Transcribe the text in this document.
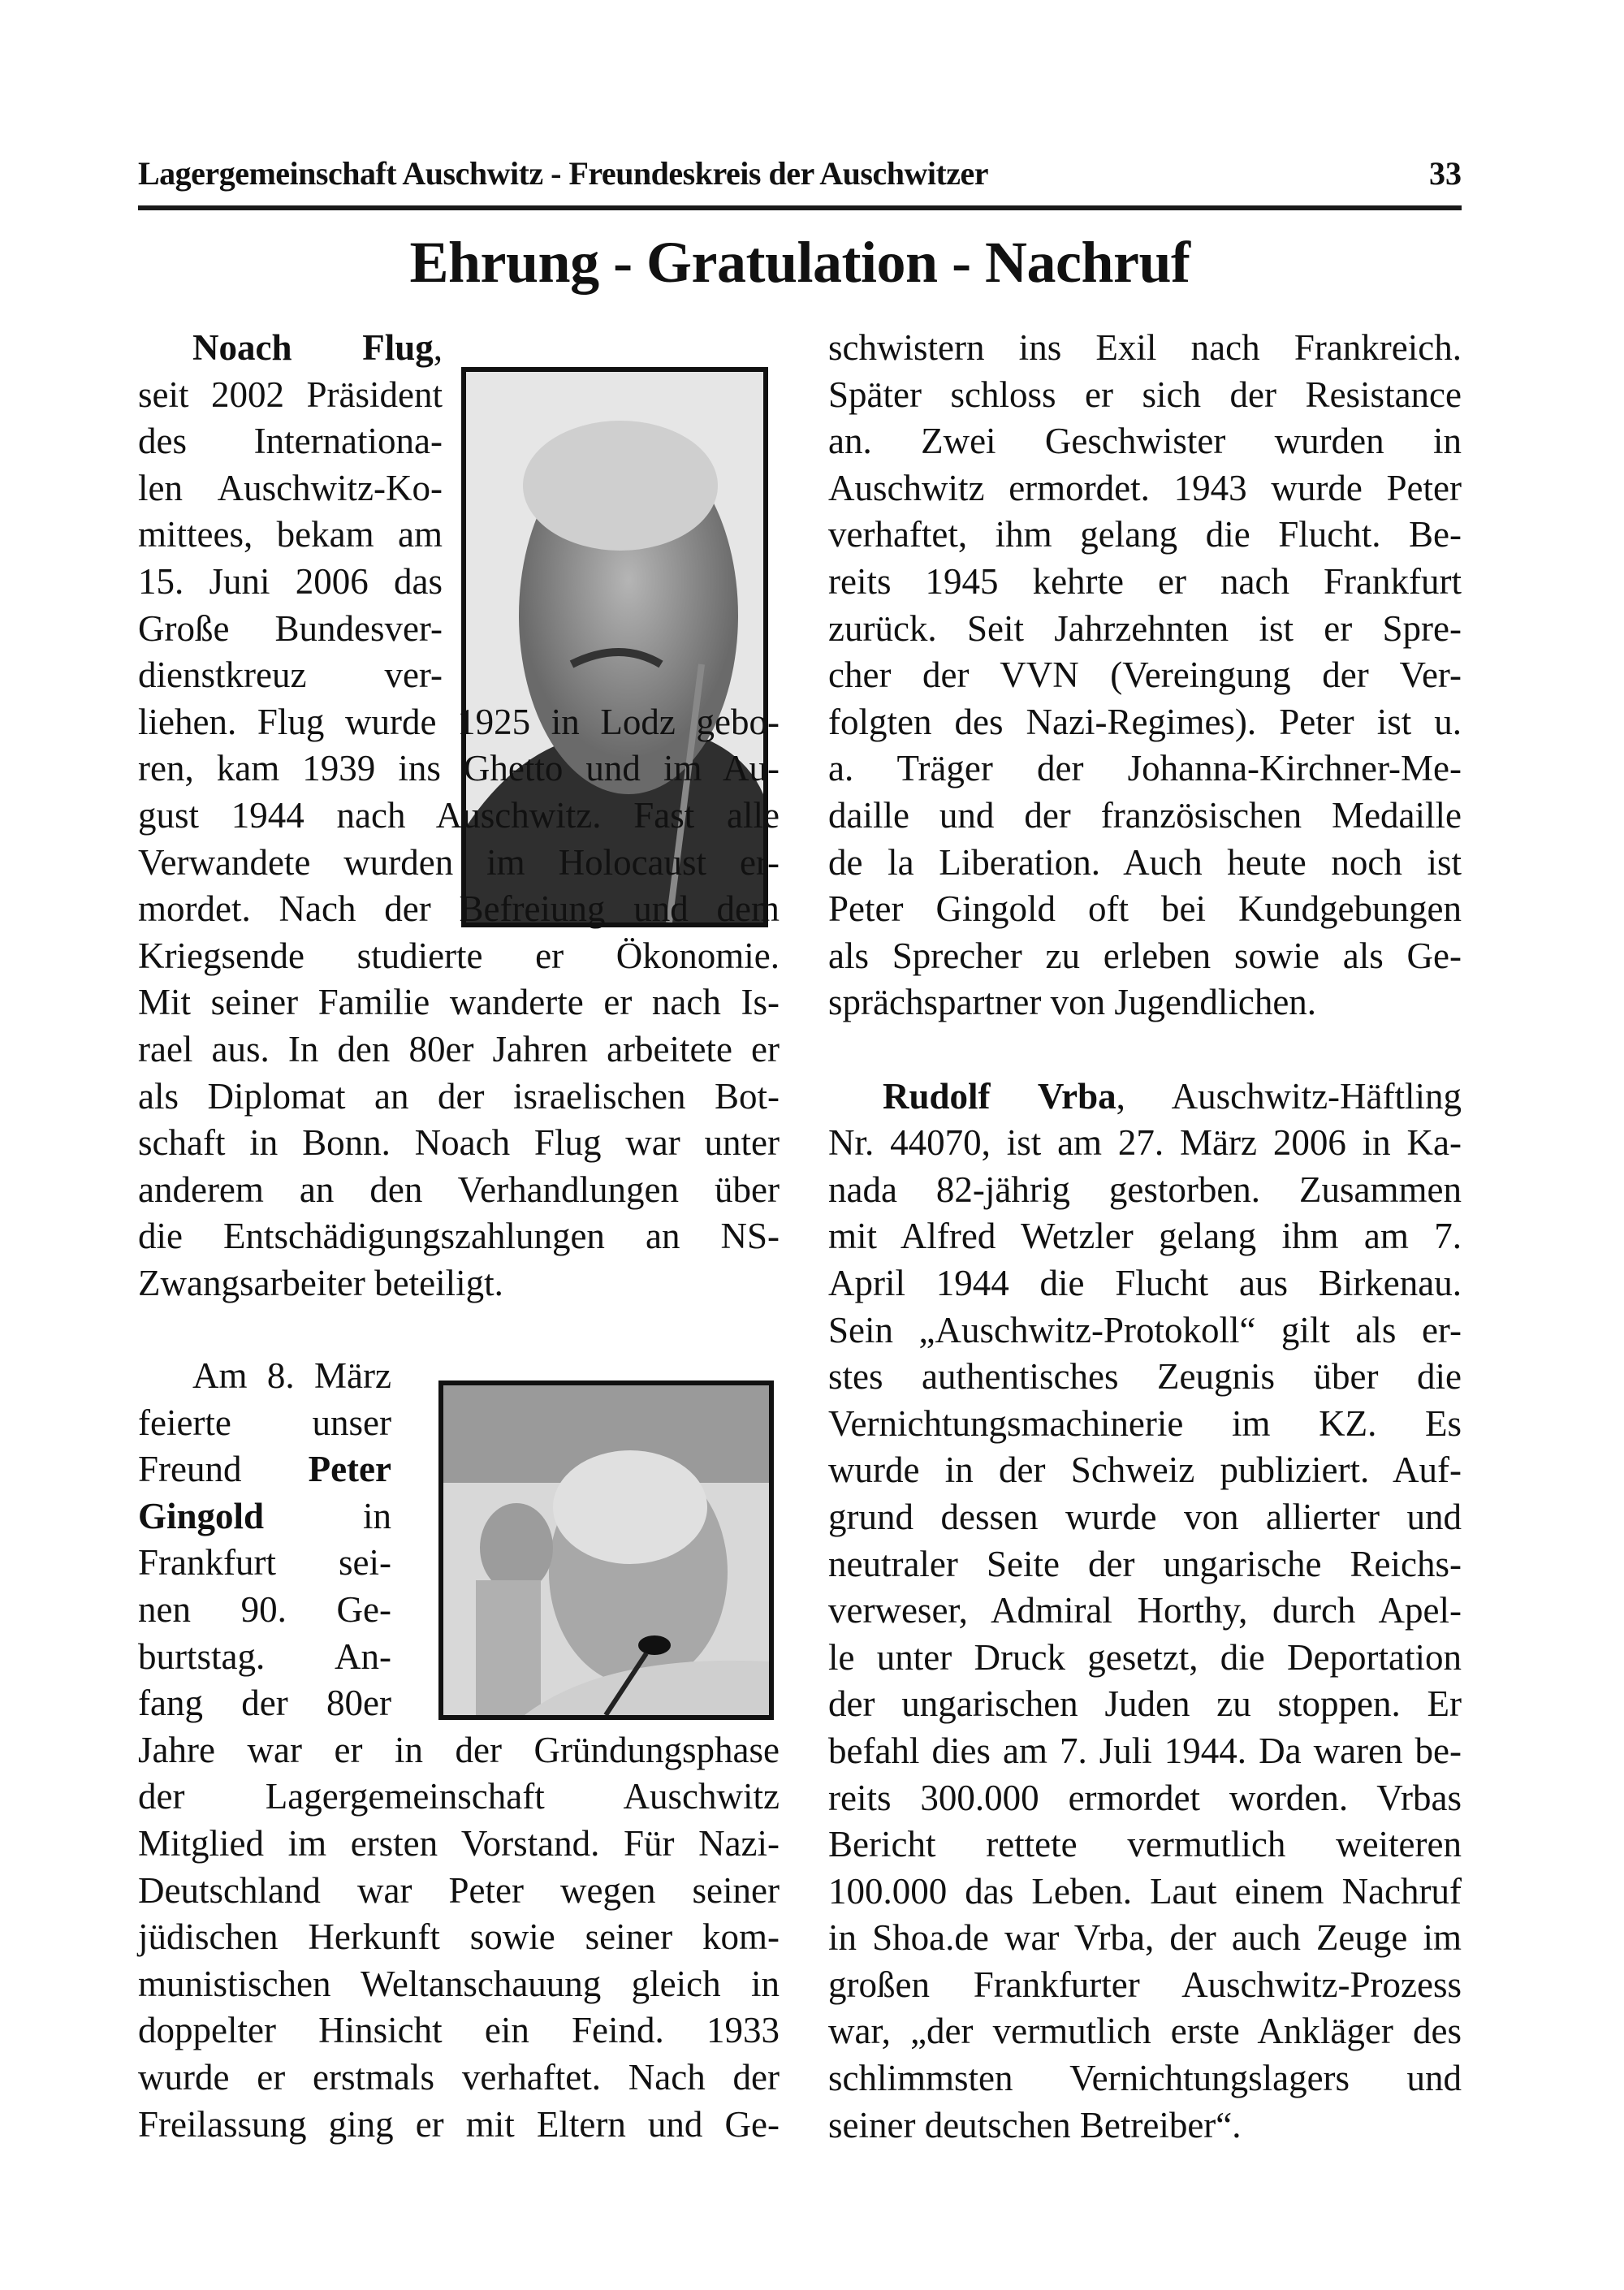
Lagergemeinschaft Auschwitz - Freundeskreis der Auschwitzer	33
Ehrung - Gratulation - Nachruf
Noach Flug,
seit 2002 Präsident
des Internationa-
len Auschwitz-Ko-
mittees, bekam am
15. Juni 2006 das
Große Bundesver-
dienstkreuz ver-
liehen. Flug wurde 1925 in Lodz gebo-
ren, kam 1939 ins Ghetto und im Au-
gust 1944 nach Auschwitz. Fast alle
Verwandete wurden im Holocaust er-
mordet. Nach der Befreiung und dem
Kriegsende studierte er Ökonomie.
Mit seiner Familie wanderte er nach Is-
rael aus. In den 80er Jahren arbeitete er
als Diplomat an der israelischen Bot-
schaft in Bonn. Noach Flug war unter
anderem an den Verhandlungen über
die Entschädigungszahlungen an NS-
Zwangsarbeiter beteiligt.
Am 8. März
feierte unser
Freund Peter
Gingold in
Frankfurt sei-
nen 90. Ge-
burtstag. An-
fang der 80er
Jahre war er in der Gründungsphase
der Lagergemeinschaft Auschwitz
Mitglied im ersten Vorstand. Für Nazi-
Deutschland war Peter wegen seiner
jüdischen Herkunft sowie seiner kom-
munistischen Weltanschauung gleich in
doppelter Hinsicht ein Feind. 1933
wurde er erstmals verhaftet. Nach der
Freilassung ging er mit Eltern und Ge-
schwistern ins Exil nach Frankreich.
Später schloss er sich der Resistance
an. Zwei Geschwister wurden in
Auschwitz ermordet. 1943 wurde Peter
verhaftet, ihm gelang die Flucht. Be-
reits 1945 kehrte er nach Frankfurt
zurück. Seit Jahrzehnten ist er Spre-
cher der VVN (Vereingung der Ver-
folgten des Nazi-Regimes). Peter ist u.
a. Träger der Johanna-Kirchner-Me-
daille und der französischen Medaille
de la Liberation. Auch heute noch ist
Peter Gingold oft bei Kundgebungen
als Sprecher zu erleben sowie als Ge-
sprächspartner von Jugendlichen.
Rudolf Vrba, Auschwitz-Häftling
Nr. 44070, ist am 27. März 2006 in Ka-
nada 82-jährig gestorben. Zusammen
mit Alfred Wetzler gelang ihm am 7.
April 1944 die Flucht aus Birkenau.
Sein „Auschwitz-Protokoll“ gilt als er-
stes authentisches Zeugnis über die
Vernichtungsmachinerie im KZ. Es
wurde in der Schweiz publiziert. Auf-
grund dessen wurde von allierter und
neutraler Seite der ungarische Reichs-
verweser, Admiral Horthy, durch Apel-
le unter Druck gesetzt, die Deportation
der ungarischen Juden zu stoppen. Er
befahl dies am 7. Juli 1944. Da waren be-
reits 300.000 ermordet worden. Vrbas
Bericht rettete vermutlich weiteren
100.000 das Leben. Laut einem Nachruf
in Shoa.de war Vrba, der auch Zeuge im
großen Frankfurter Auschwitz-Prozess
war, „der vermutlich erste Ankläger des
schlimmsten Vernichtungslagers und
seiner deutschen Betreiber“.
